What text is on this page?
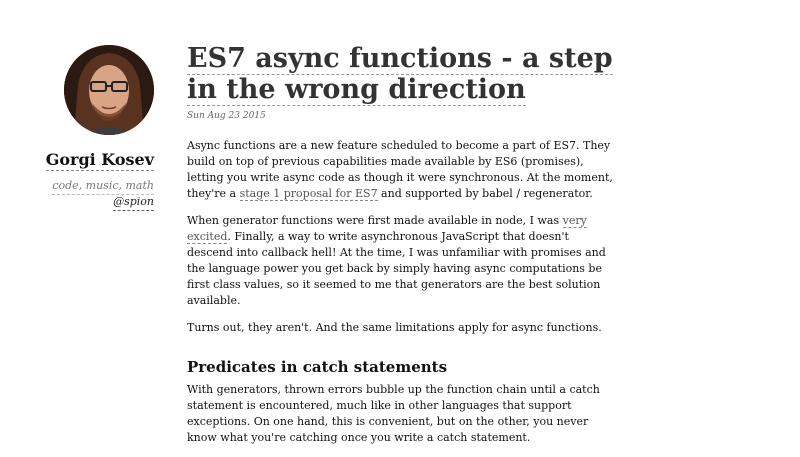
Gorgi Kosev
code, music, math
@spion
ES7 async functions - a step
in the wrong direction
Sun Aug 23 2015

Async functions are a new feature scheduled to become a part of ES7. They build on top of previous capabilities made available by ES6 (promises), letting you write async code as though it were synchronous. At the moment, they're a stage 1 proposal for ES7 and supported by babel / regenerator.

When generator functions were first made available in node, I was very excited. Finally, a way to write asynchronous JavaScript that doesn't descend into callback hell! At the time, I was unfamiliar with promises and the language power you get back by simply having async computations be first class values, so it seemed to me that generators are the best solution available.

Turns out, they aren't. And the same limitations apply for async functions.

Predicates in catch statements

With generators, thrown errors bubble up the function chain until a catch statement is encountered, much like in other languages that support exceptions. On one hand, this is convenient, but on the other, you never know what you're catching once you write a catch statement.
